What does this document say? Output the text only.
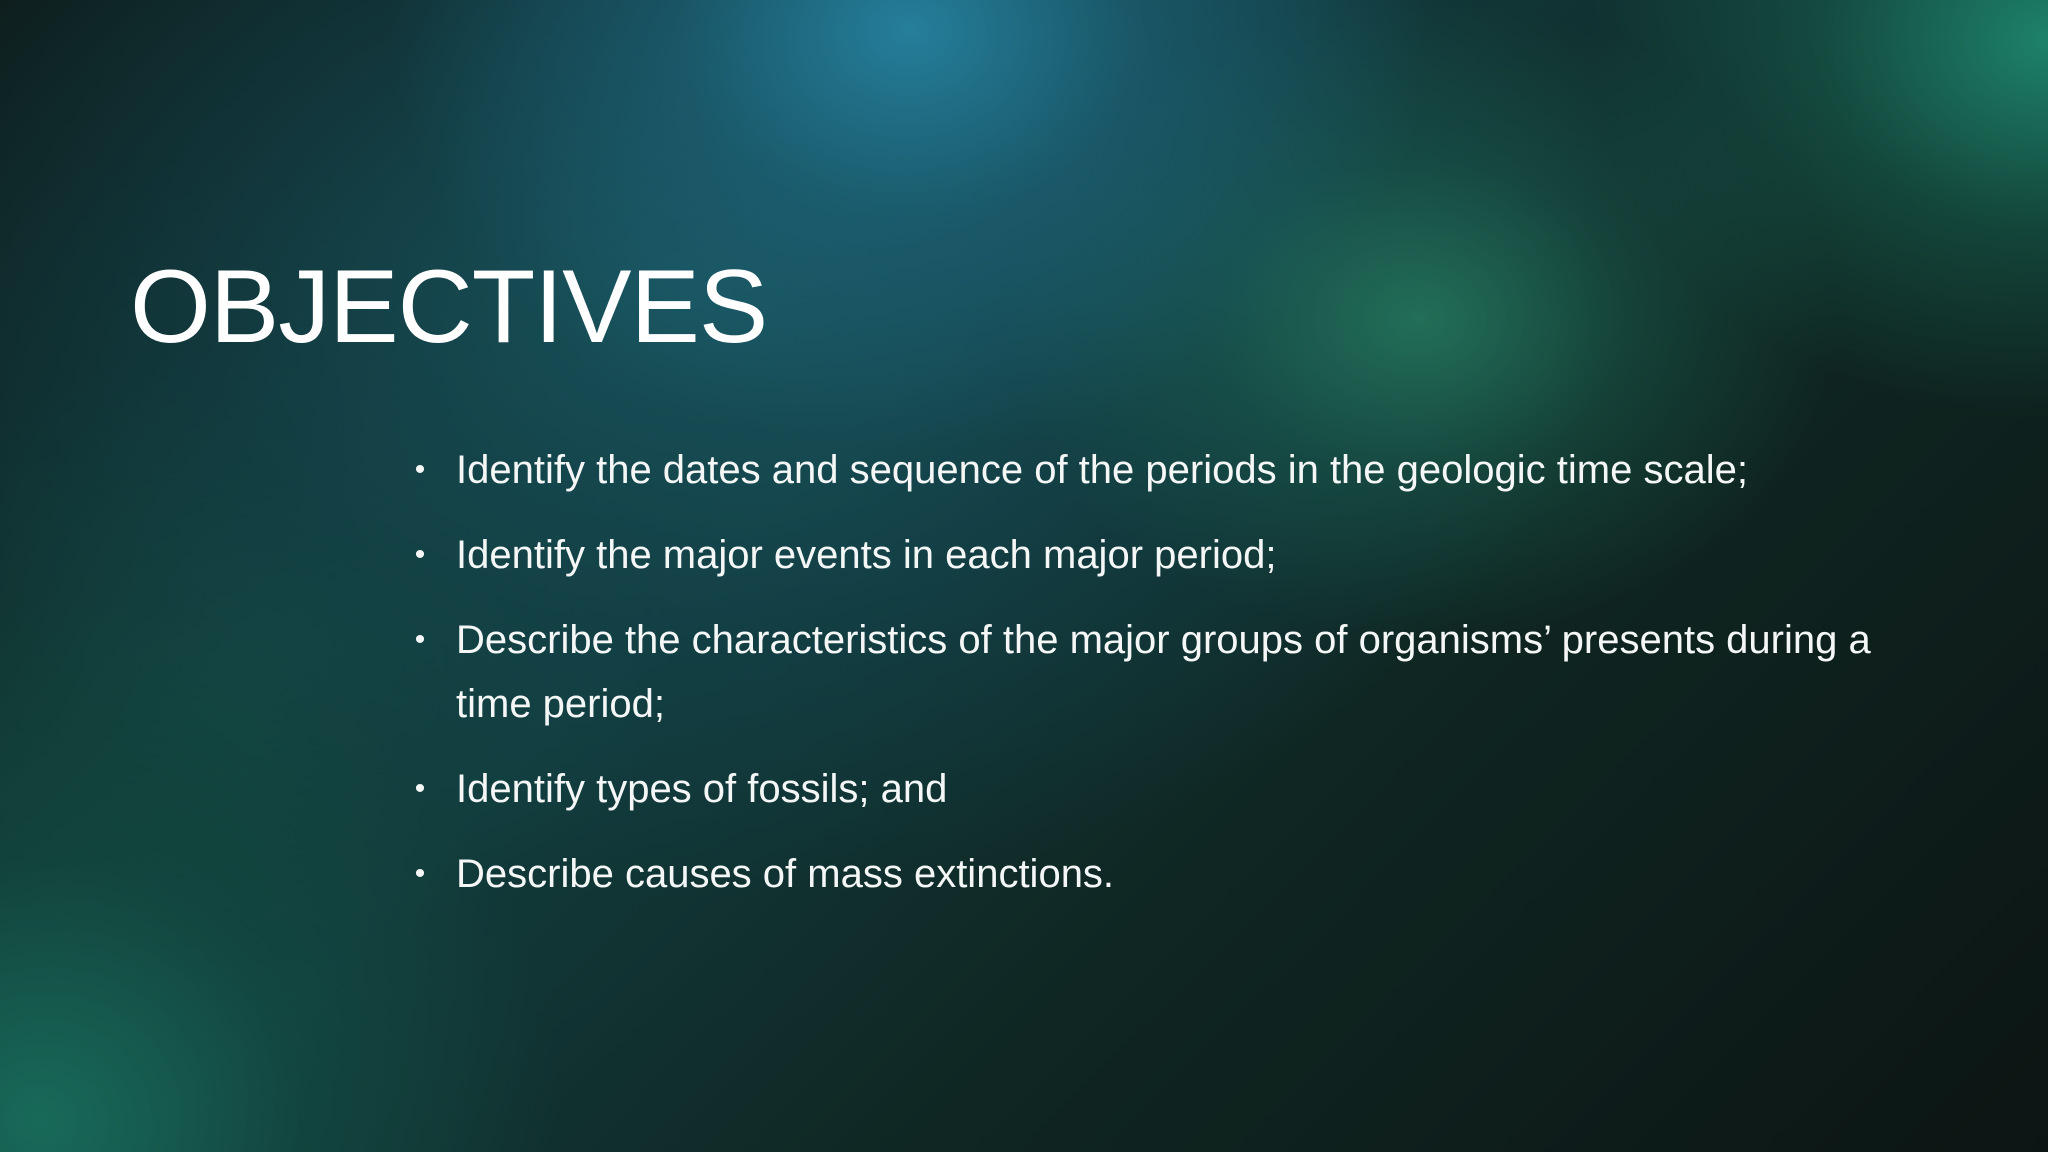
OBJECTIVES
• Identify the dates and sequence of the periods in the geologic time scale;
• Identify the major events in each major period;
• Describe the characteristics of the major groups of organisms’ presents during a time period;
• Identify types of fossils; and
• Describe causes of mass extinctions.
